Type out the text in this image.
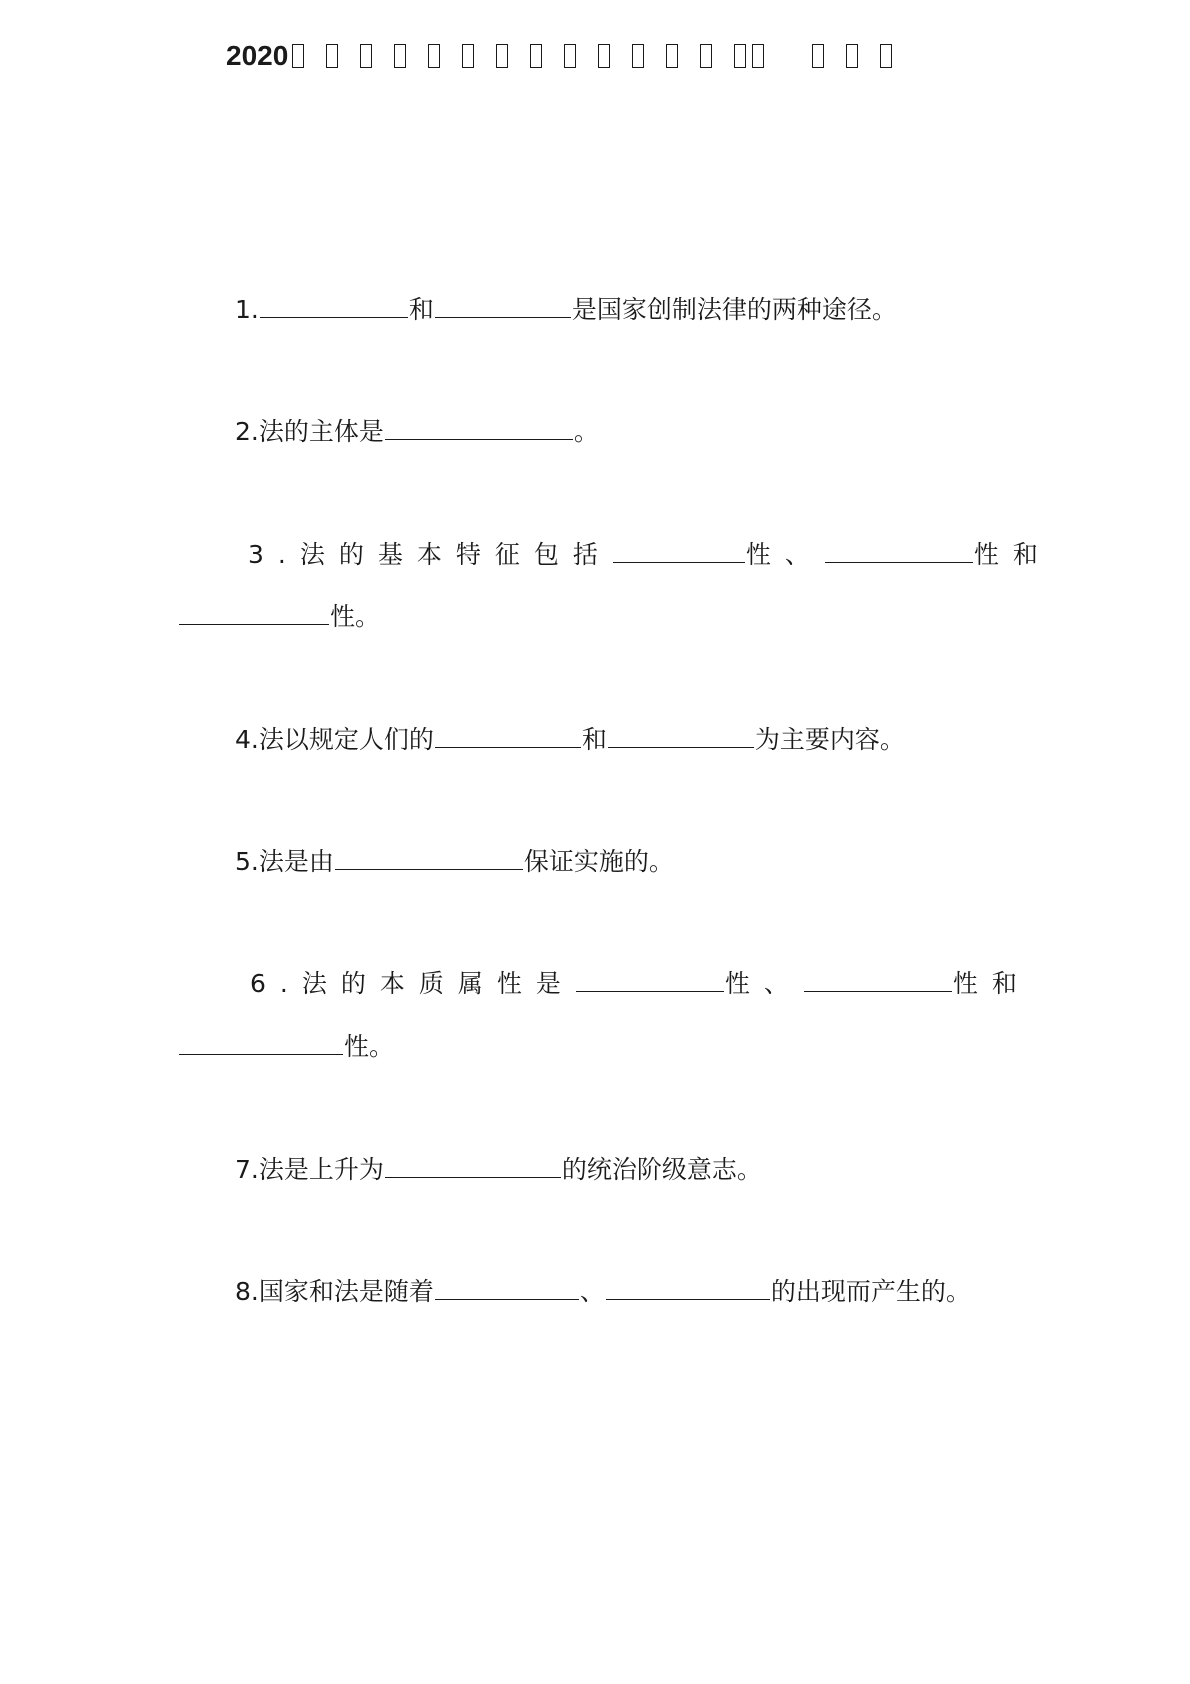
2020
1.	和	是国家创制法律的两种途径。
2.法的主体是	。
3.法的基本特征包括	性、	性和
性。
4.法以规定人们的	和	为主要内容。
5.法是由	保证实施的。
6.法的本质属性是	性、	性和
性。
7.法是上升为	的统治阶级意志。
8.国家和法是随着	、	的出现而产生的。
